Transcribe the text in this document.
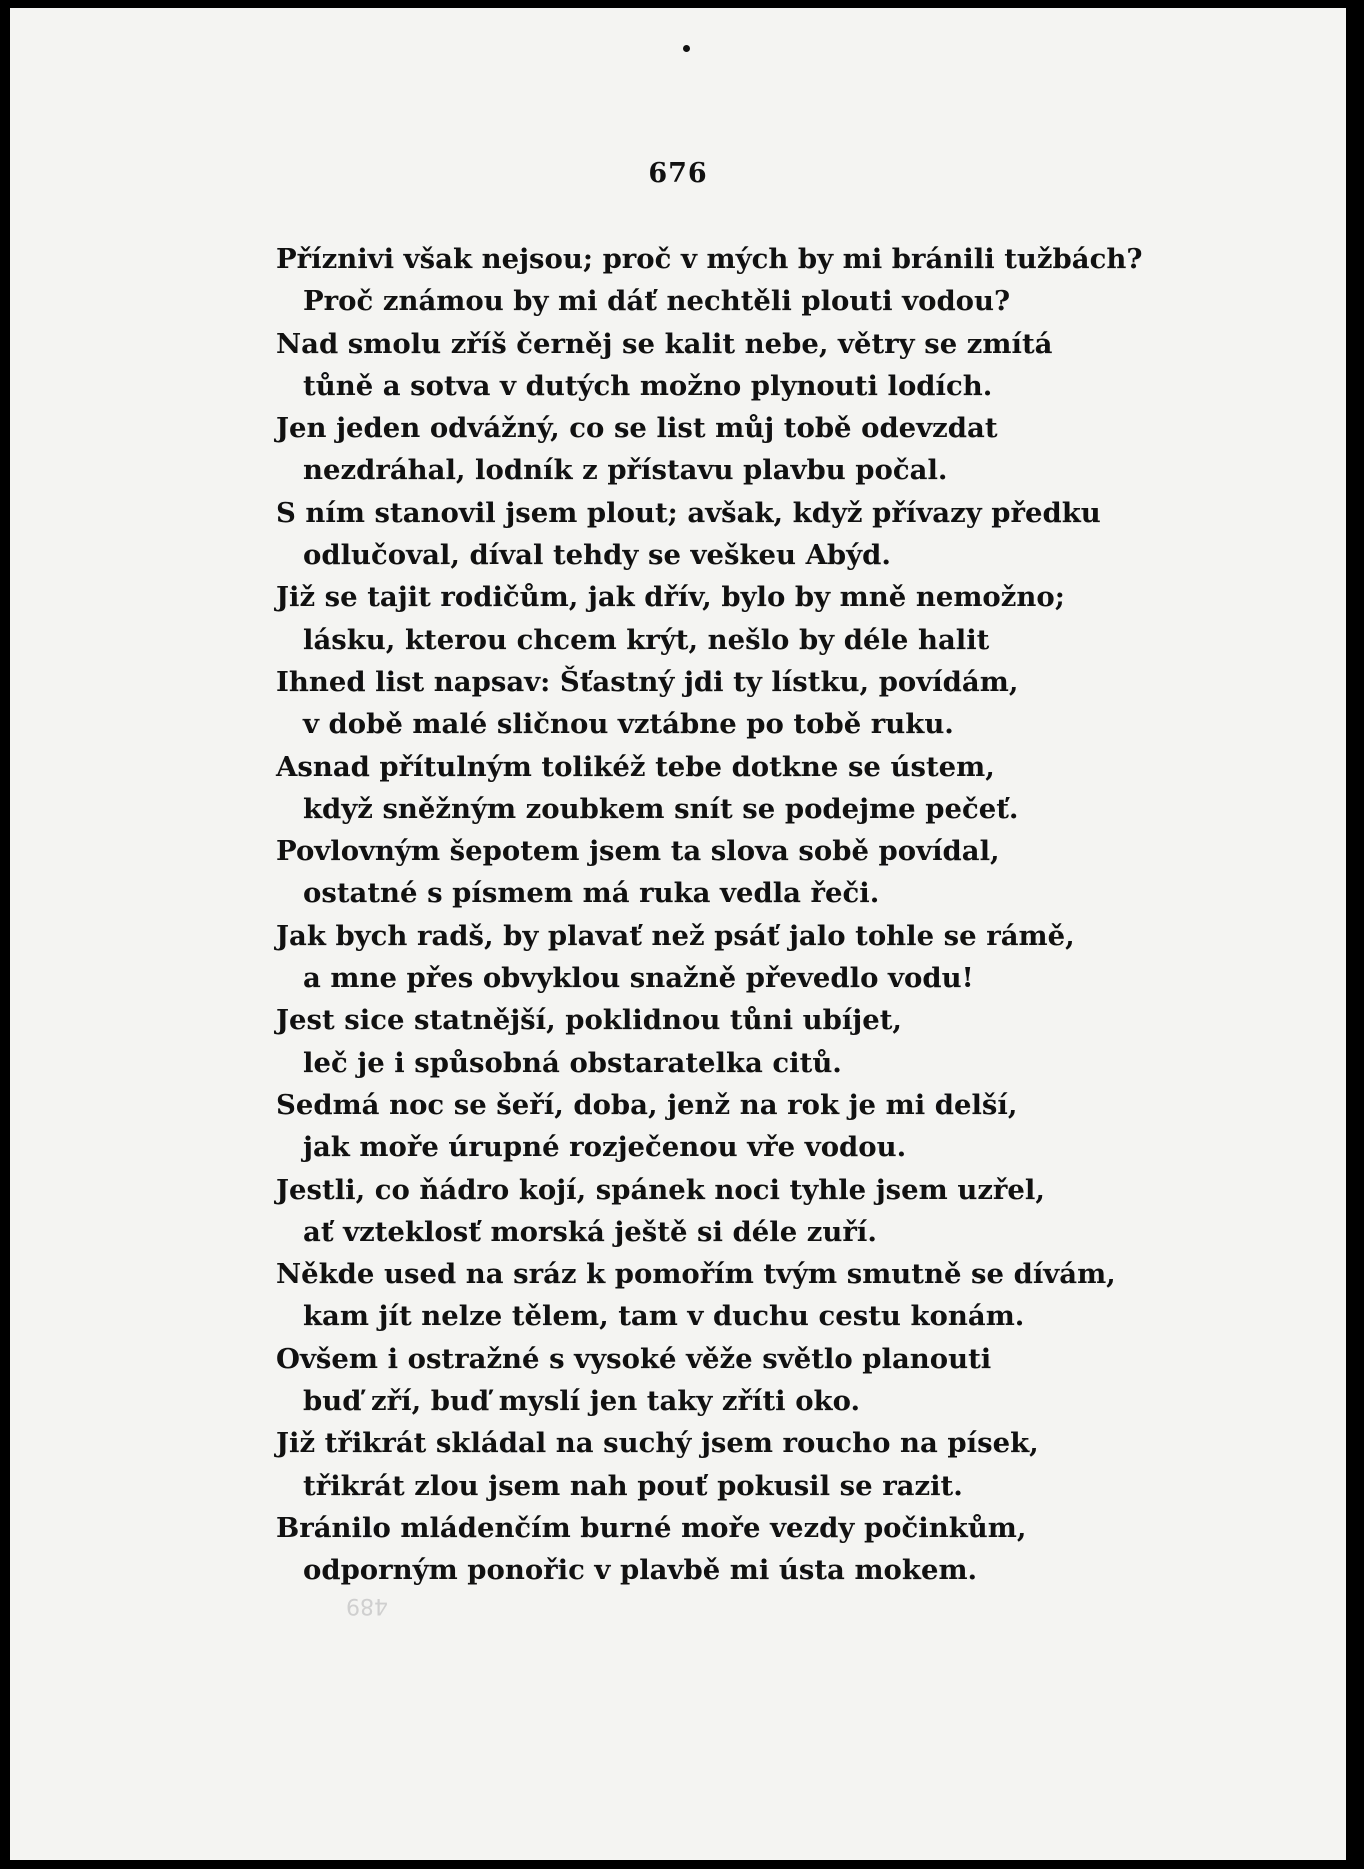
676
Příznivi však nejsou; proč v mých by mi bránili tužbách?
Proč známou by mi dáť nechtěli plouti vodou?
Nad smolu zříš černěj se kalit nebe, větry se zmítá
tůně a sotva v dutých možno plynouti lodích.
Jen jeden odvážný, co se list můj tobě odevzdat
nezdráhal, lodník z přístavu plavbu počal.
S ním stanovil jsem plout; avšak, když přívazy předku
odlučoval, díval tehdy se veškeu Abýd.
Již se tajit rodičům, jak dřív, bylo by mně nemožno;
lásku, kterou chcem krýt, nešlo by déle halit
Ihned list napsav: Šťastný jdi ty lístku, povídám,
v době malé sličnou vztábne po tobě ruku.
Asnad přítulným tolikéž tebe dotkne se ústem,
když sněžným zoubkem snít se podejme pečeť.
Povlovným šepotem jsem ta slova sobě povídal,
ostatné s písmem má ruka vedla řeči.
Jak bych radš, by plavať než psáť jalo tohle se rámě,
a mne přes obvyklou snažně převedlo vodu!
Jest sice statnější, poklidnou tůni ubíjet,
leč je i spůsobná obstaratelka citů.
Sedmá noc se šeří, doba, jenž na rok je mi delší,
jak moře úrupné rozječenou vře vodou.
Jestli, co ňádro kojí, spánek noci tyhle jsem uzřel,
ať vzteklosť morská ještě si déle zuří.
Někde used na sráz k pomořím tvým smutně se dívám,
kam jít nelze tělem, tam v duchu cestu konám.
Ovšem i ostražné s vysoké věže světlo planouti
buď zří, buď myslí jen taky zříti oko.
Již třikrát skládal na suchý jsem roucho na písek,
třikrát zlou jsem nah pouť pokusil se razit.
Bránilo mládenčím burné moře vezdy počinkům,
odporným ponořic v plavbě mi ústa mokem.
489
